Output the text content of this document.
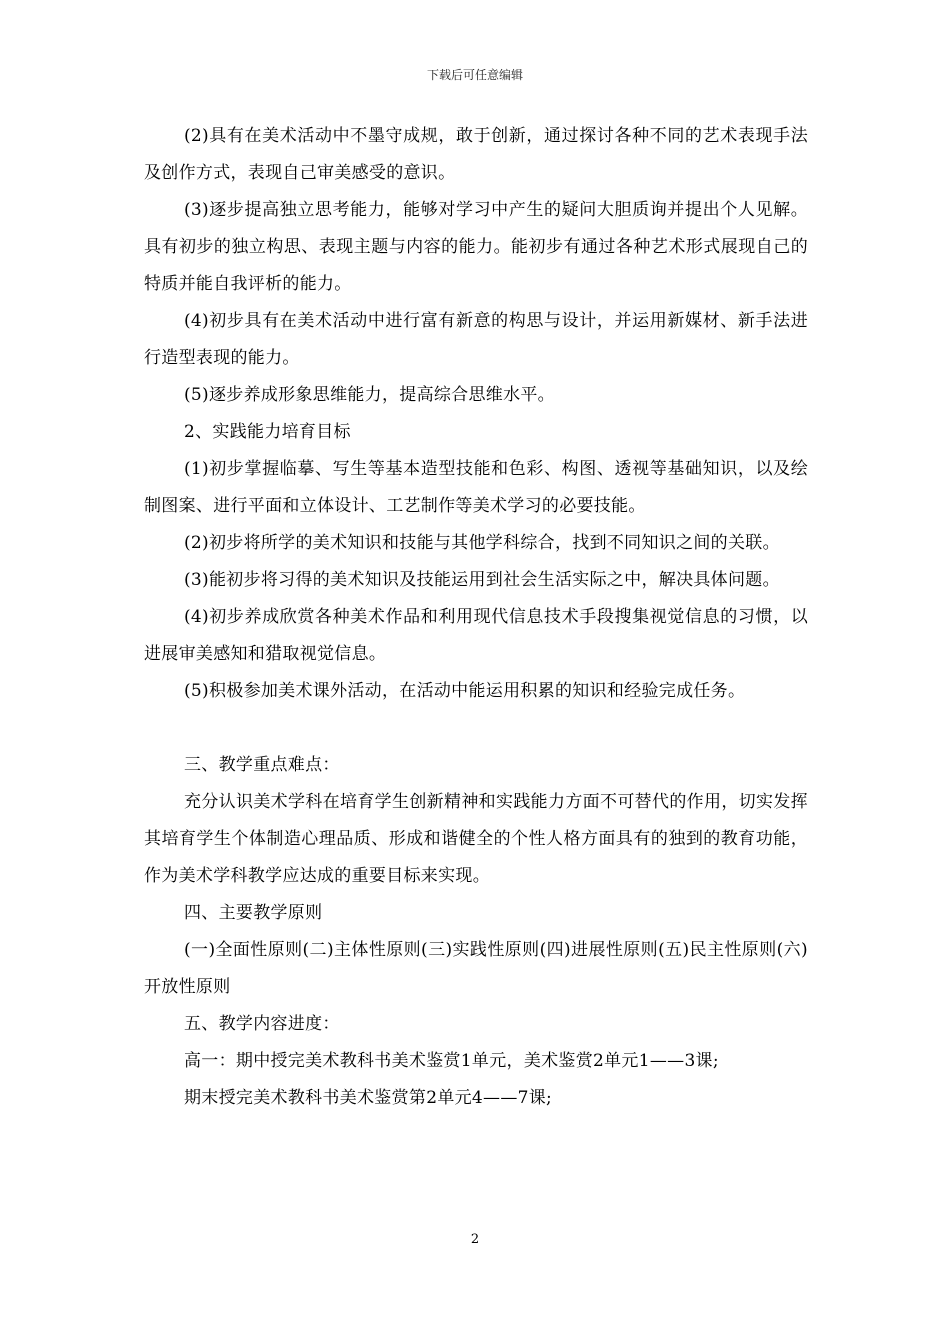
下载后可任意编辑

(2)具有在美术活动中不墨守成规，敢于创新，通过探讨各种不同的艺术表现手法及创作方式，表现自己审美感受的意识。

(3)逐步提高独立思考能力，能够对学习中产生的疑问大胆质询并提出个人见解。具有初步的独立构思、表现主题与内容的能力。能初步有通过各种艺术形式展现自己的特质并能自我评析的能力。

(4)初步具有在美术活动中进行富有新意的构思与设计，并运用新媒材、新手法进行造型表现的能力。

(5)逐步养成形象思维能力，提高综合思维水平。

2、实践能力培育目标

(1)初步掌握临摹、写生等基本造型技能和色彩、构图、透视等基础知识，以及绘制图案、进行平面和立体设计、工艺制作等美术学习的必要技能。

(2)初步将所学的美术知识和技能与其他学科综合，找到不同知识之间的关联。

(3)能初步将习得的美术知识及技能运用到社会生活实际之中，解决具体问题。

(4)初步养成欣赏各种美术作品和利用现代信息技术手段搜集视觉信息的习惯，以进展审美感知和猎取视觉信息。

(5)积极参加美术课外活动，在活动中能运用积累的知识和经验完成任务。

三、教学重点难点：

充分认识美术学科在培育学生创新精神和实践能力方面不可替代的作用，切实发挥其培育学生个体制造心理品质、形成和谐健全的个性人格方面具有的独到的教育功能，作为美术学科教学应达成的重要目标来实现。

四、主要教学原则

(一)全面性原则(二)主体性原则(三)实践性原则(四)进展性原则(五)民主性原则(六)开放性原则

五、教学内容进度：

高一：期中授完美术教科书美术鉴赏1单元，美术鉴赏2单元1——3课;

期末授完美术教科书美术鉴赏第2单元4——7课;

2
